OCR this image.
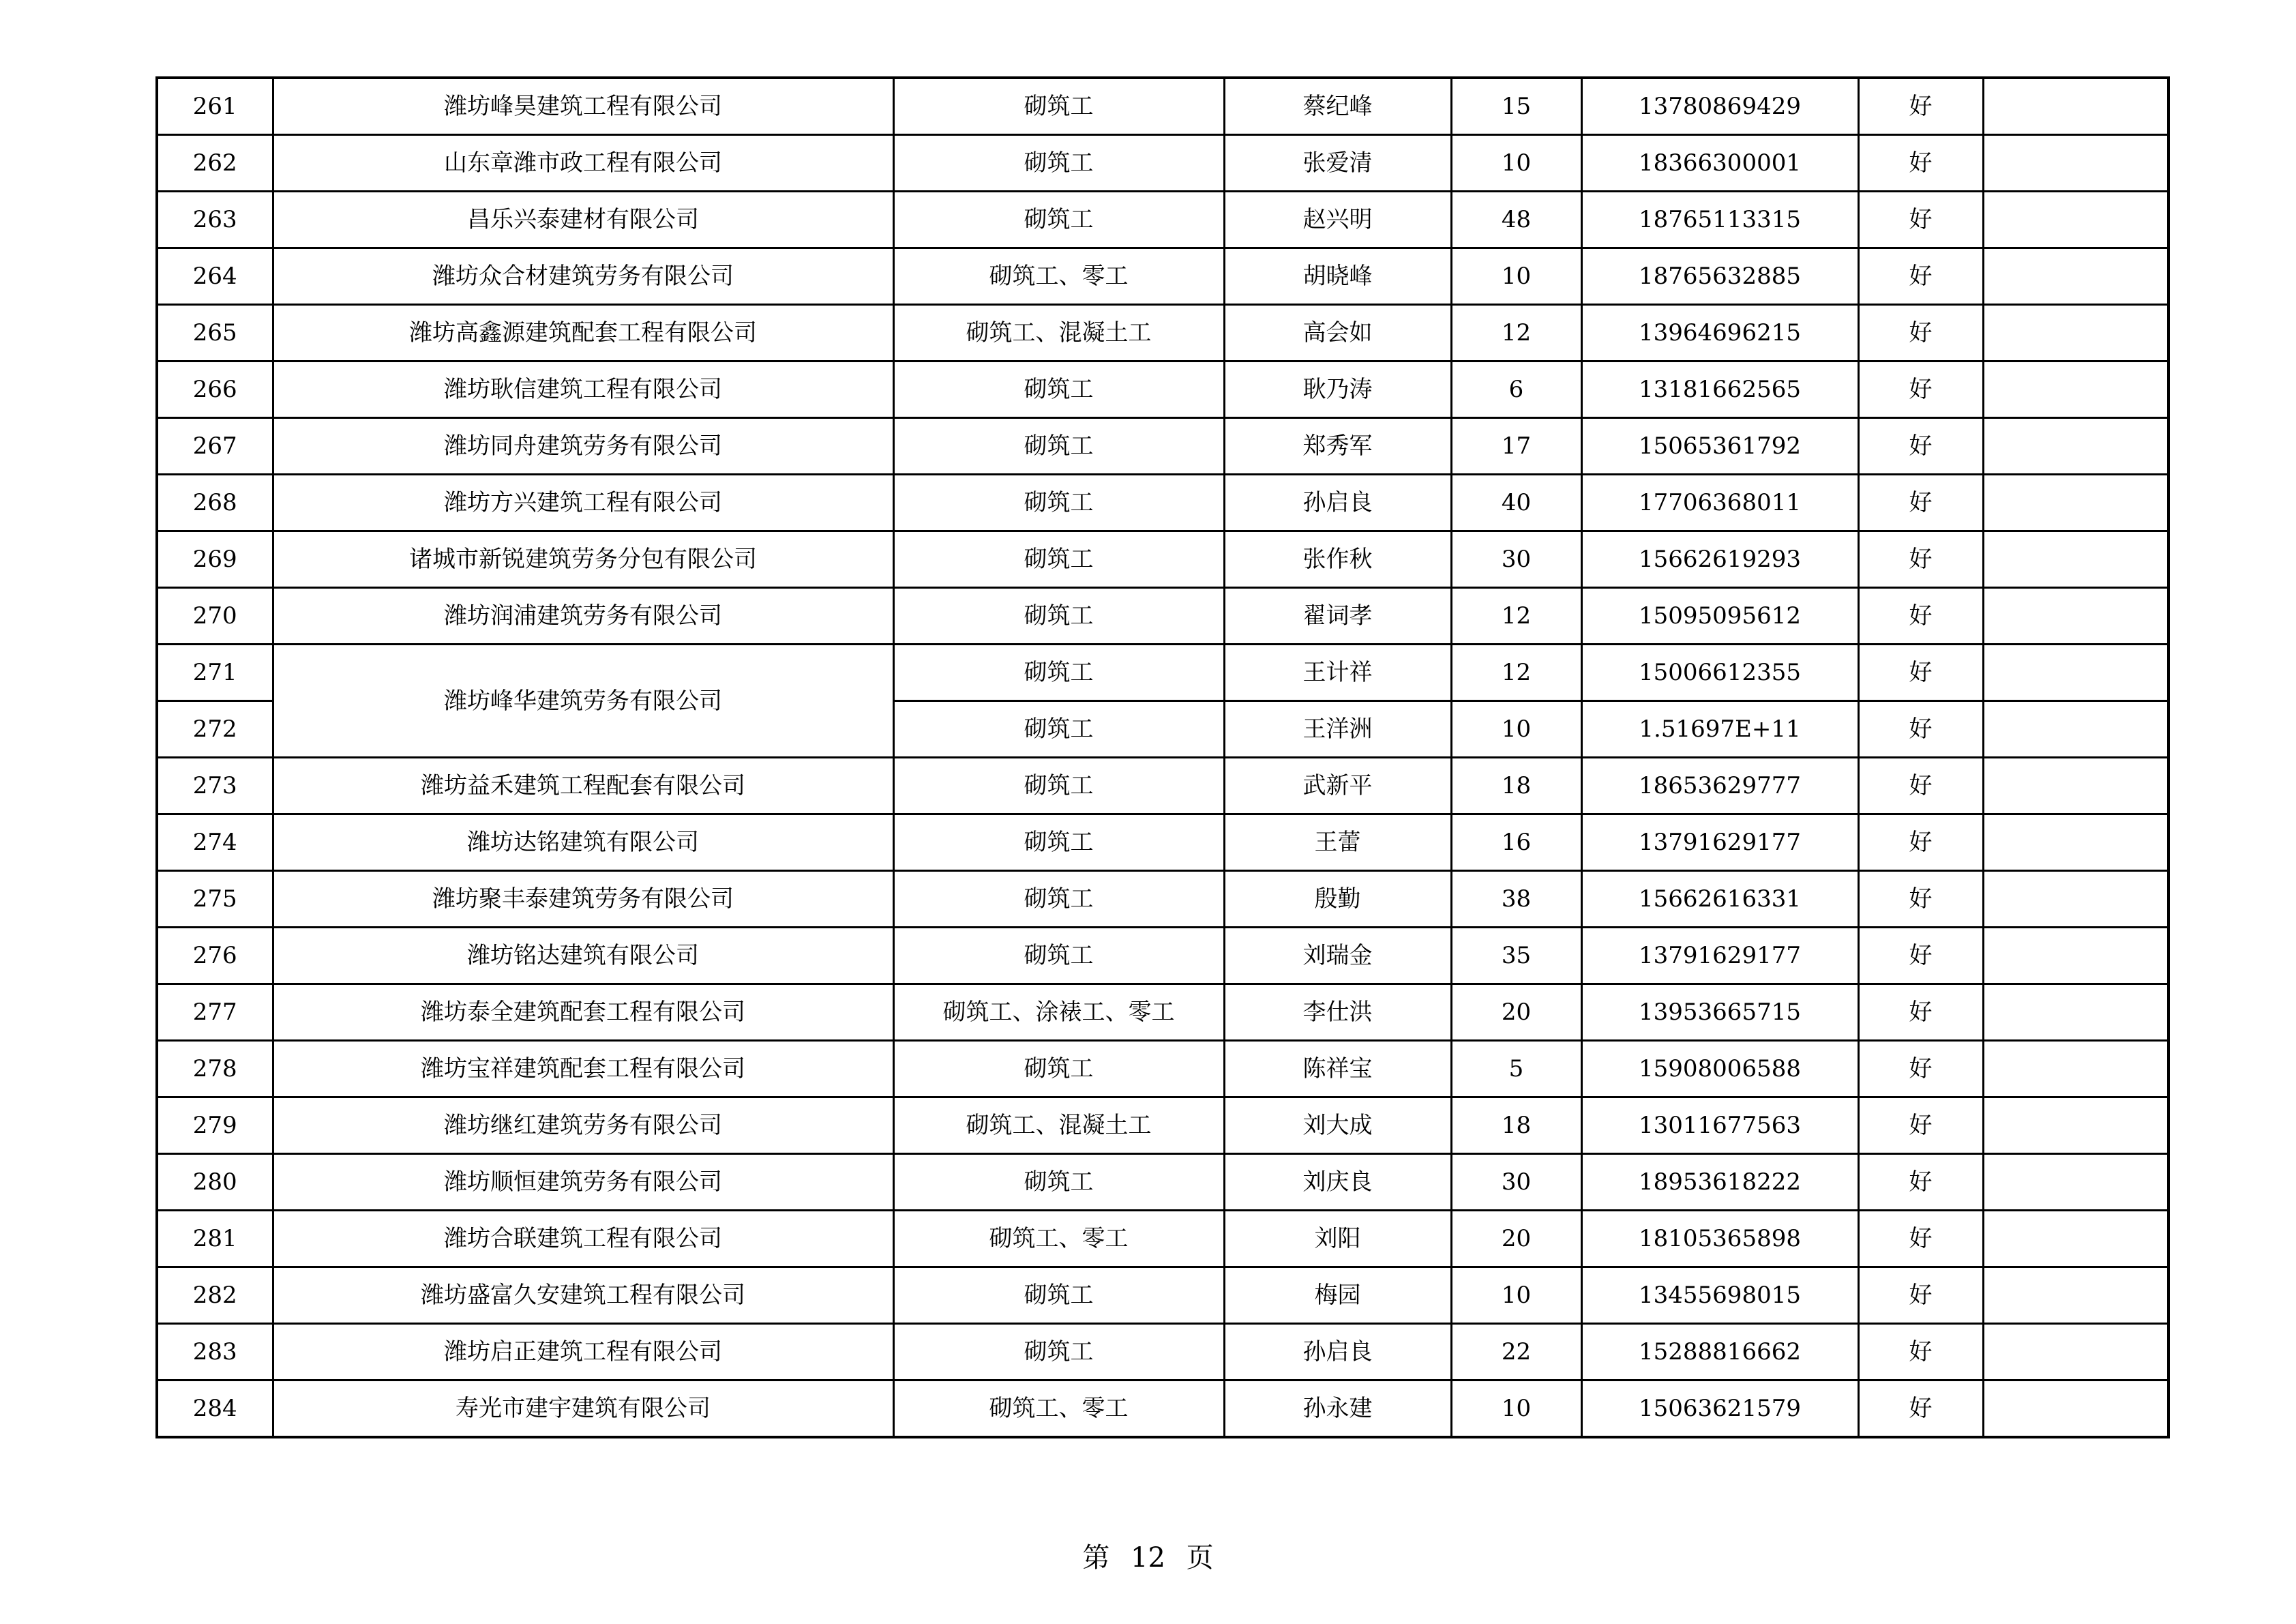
261	潍坊峰昊建筑工程有限公司	砌筑工	蔡纪峰	15	13780869429	好	
262	山东章潍市政工程有限公司	砌筑工	张爱清	10	18366300001	好	
263	昌乐兴泰建材有限公司	砌筑工	赵兴明	48	18765113315	好	
264	潍坊众合材建筑劳务有限公司	砌筑工、零工	胡晓峰	10	18765632885	好	
265	潍坊高鑫源建筑配套工程有限公司	砌筑工、混凝土工	高会如	12	13964696215	好	
266	潍坊耿信建筑工程有限公司	砌筑工	耿乃涛	6	13181662565	好	
267	潍坊同舟建筑劳务有限公司	砌筑工	郑秀军	17	15065361792	好	
268	潍坊方兴建筑工程有限公司	砌筑工	孙启良	40	17706368011	好	
269	诸城市新锐建筑劳务分包有限公司	砌筑工	张作秋	30	15662619293	好	
270	潍坊润浦建筑劳务有限公司	砌筑工	翟词孝	12	15095095612	好	
271	潍坊峰华建筑劳务有限公司	砌筑工	王计祥	12	15006612355	好	
272		砌筑工	王洋洲	10	1.51697E+11	好	
273	潍坊益禾建筑工程配套有限公司	砌筑工	武新平	18	18653629777	好	
274	潍坊达铭建筑有限公司	砌筑工	王蕾	16	13791629177	好	
275	潍坊聚丰泰建筑劳务有限公司	砌筑工	殷勤	38	15662616331	好	
276	潍坊铭达建筑有限公司	砌筑工	刘瑞金	35	13791629177	好	
277	潍坊泰全建筑配套工程有限公司	砌筑工、涂裱工、零工	李仕洪	20	13953665715	好	
278	潍坊宝祥建筑配套工程有限公司	砌筑工	陈祥宝	5	15908006588	好	
279	潍坊继红建筑劳务有限公司	砌筑工、混凝土工	刘大成	18	13011677563	好	
280	潍坊顺恒建筑劳务有限公司	砌筑工	刘庆良	30	18953618222	好	
281	潍坊合联建筑工程有限公司	砌筑工、零工	刘阳	20	18105365898	好	
282	潍坊盛富久安建筑工程有限公司	砌筑工	梅园	10	13455698015	好	
283	潍坊启正建筑工程有限公司	砌筑工	孙启良	22	15288816662	好	
284	寿光市建宇建筑有限公司	砌筑工、零工	孙永建	10	15063621579	好	
第 12 页
